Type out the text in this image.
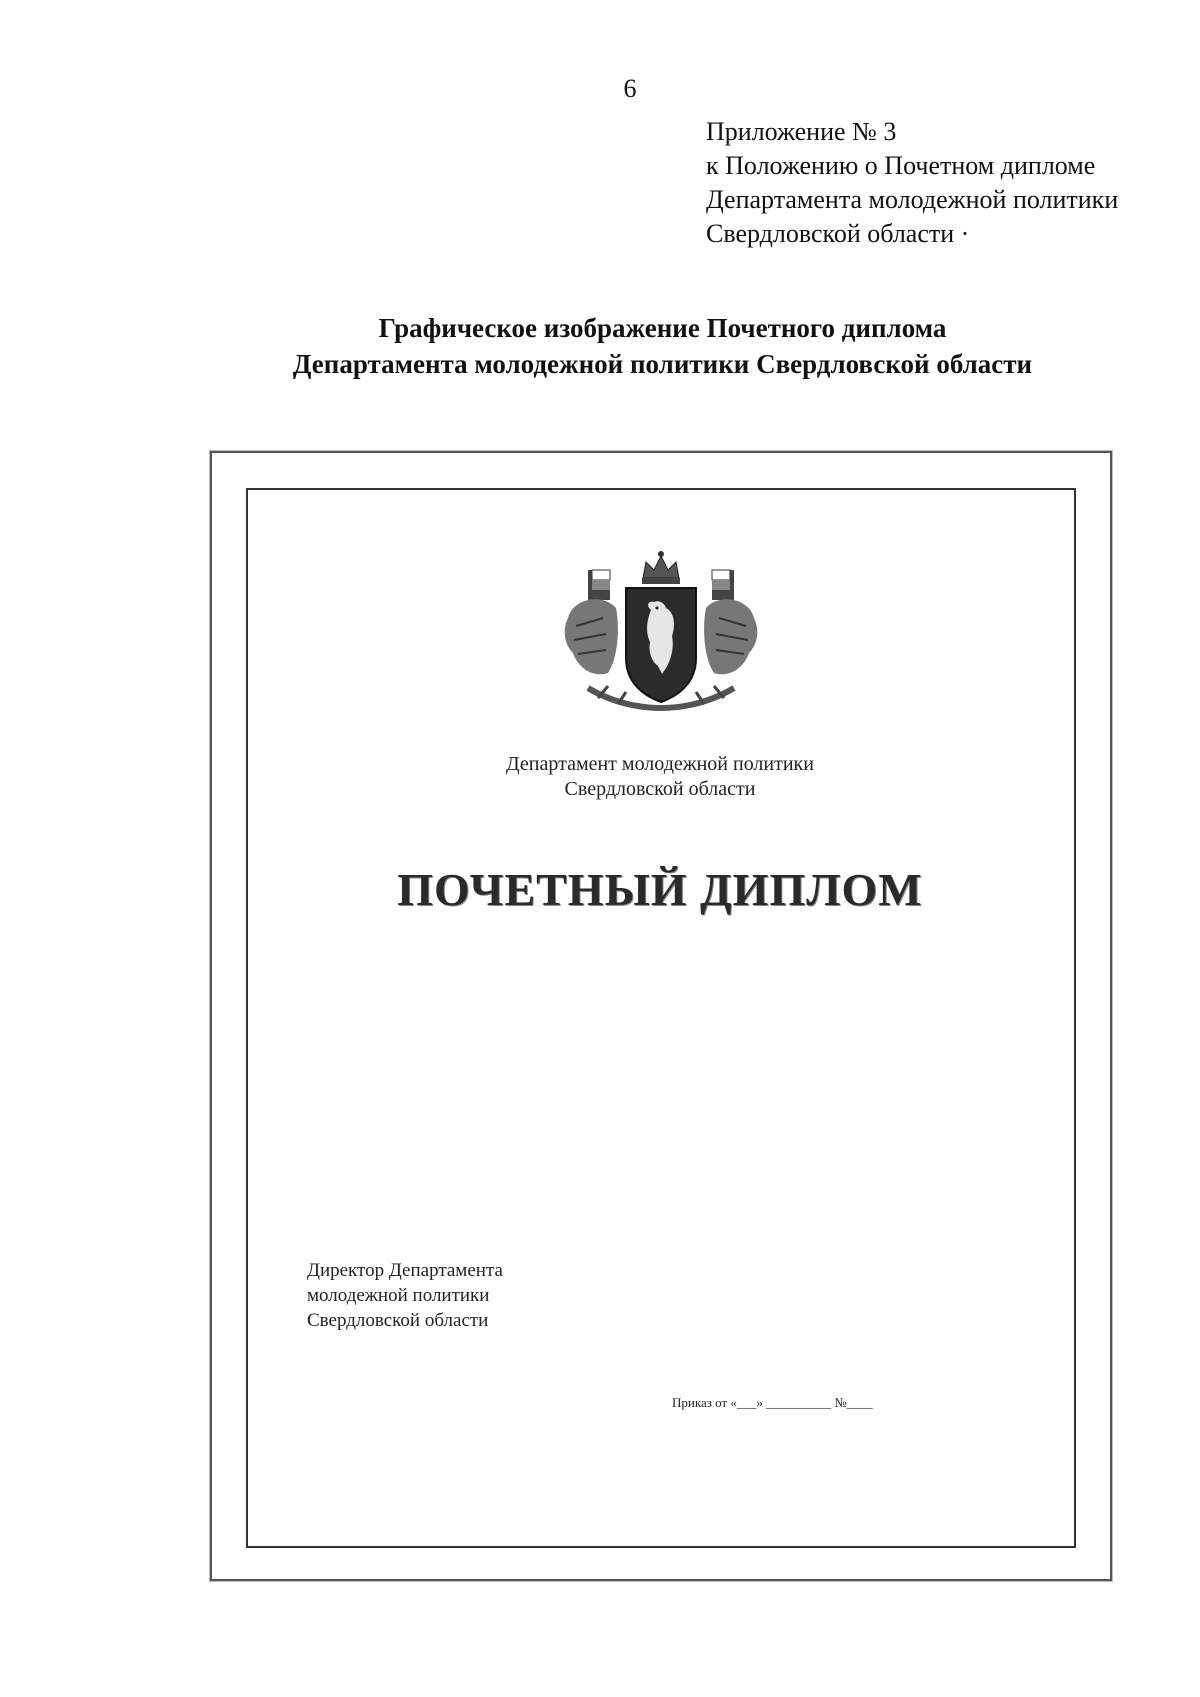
6
Приложение № 3
к Положению о Почетном дипломе
Департамента молодежной политики
Свердловской области ·
Графическое изображение Почетного диплома
Департамента молодежной политики Свердловской области
Департамент молодежной политики
Свердловской области
ПОЧЕТНЫЙ ДИПЛОМ
Директор Департамента
молодежной политики
Свердловской области
Приказ от «___» __________ №____
